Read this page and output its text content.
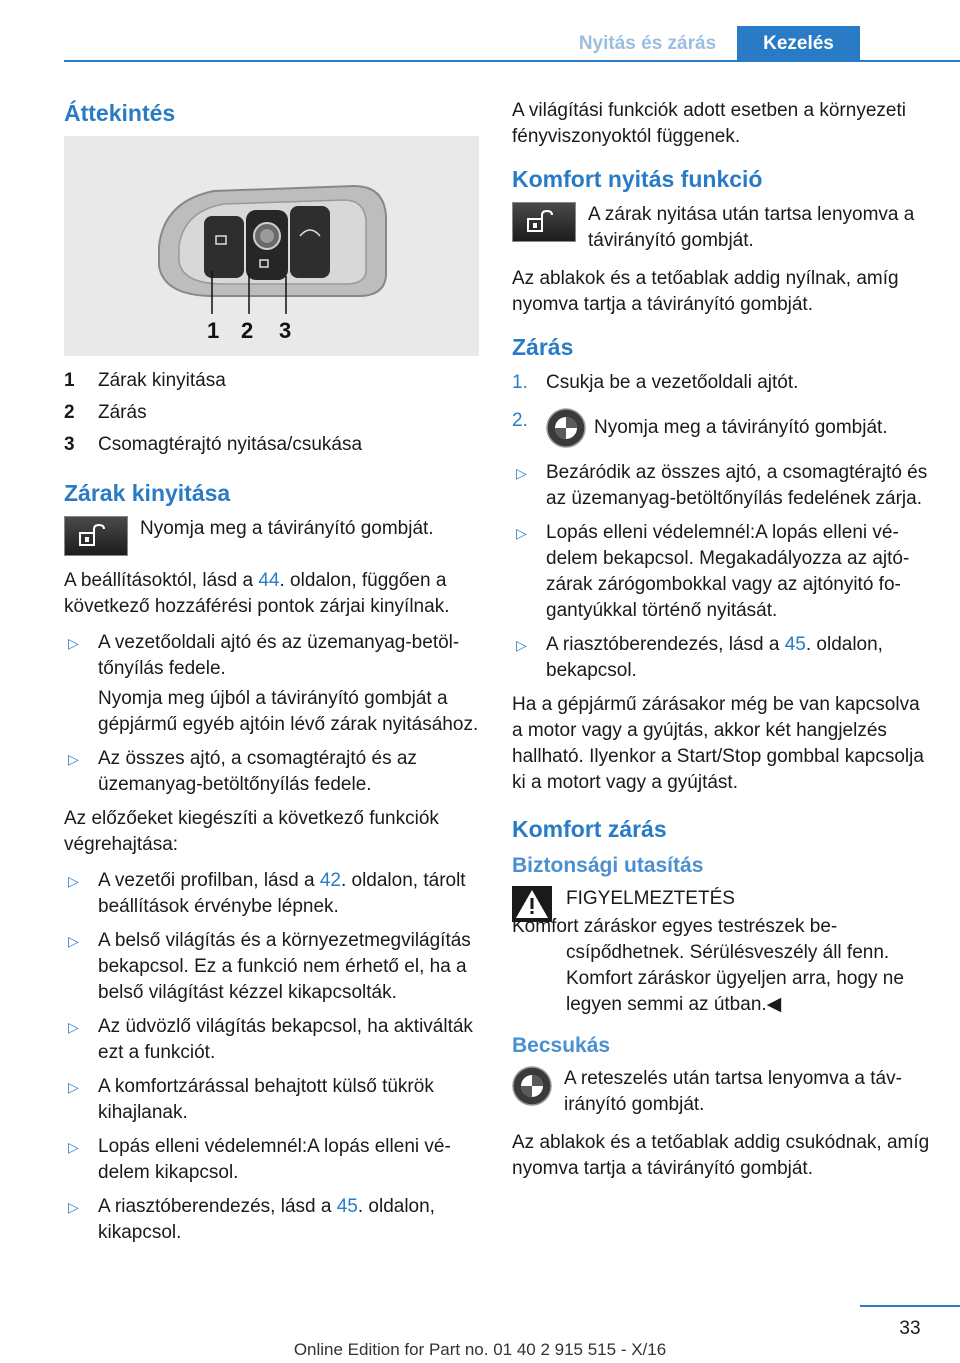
Nyitás és zárás	Kezelés
Áttekintés
1 2 3
1	Zárak kinyitása
2	Zárás
3	Csomagtérajtó nyitása/csukása
Zárak kinyitása
Nyomja meg a távirányító gombját.

A beállításoktól, lásd a 44. oldalon, függően a következő hozzáférési pontok zárjai kinyílnak.

▷ A vezetőoldali ajtó és az üzemanyag-betöltőnyílás fedele.
Nyomja meg újból a távirányító gombját a gépjármű egyéb ajtóin lévő zárak nyitásához.
▷ Az összes ajtó, a csomagtérajtó és az üzemanyag-betöltőnyílás fedele.

Az előzőeket kiegészíti a következő funkciók végrehajtása:

▷ A vezetői profilban, lásd a 42. oldalon, tárolt beállítások érvénybe lépnek.
▷ A belső világítás és a környezetmegvilágítás bekapcsol. Ez a funkció nem érhető el, ha a belső világítást kézzel kikapcsolták.
▷ Az üdvözlő világítás bekapcsol, ha aktiválták ezt a funkciót.
▷ A komfortzárással behajtott külső tükrök kihajlanak.
▷ Lopás elleni védelemnél:A lopás elleni védelem kikapcsol.
▷ A riasztóberendezés, lásd a 45. oldalon, kikapcsol.

A világítási funkciók adott esetben a környezeti fényviszonyoktól függenek.

Komfort nyitás funkció
A zárak nyitása után tartsa lenyomva a távirányító gombját.

Az ablakok és a tetőablak addig nyílnak, amíg nyomva tartja a távirányító gombját.

Zárás
1. Csukja be a vezetőoldali ajtót.
2.	Nyomja meg a távirányító gombját.
▷ Bezáródik az összes ajtó, a csomagtérajtó és az üzemanyag-betöltőnyílás fedelének zárja.
▷ Lopás elleni védelemnél:A lopás elleni védelem bekapcsol. Megakadályozza az ajtózárak zárógombokkal vagy az ajtónyitó fogantyúkkal történő nyitását.
▷ A riasztóberendezés, lásd a 45. oldalon, bekapcsol.

Ha a gépjármű zárásakor még be van kapcsolva a motor vagy a gyújtás, akkor két hangjelzés hallható. Ilyenkor a Start/Stop gombbal kapcsolja ki a motort vagy a gyújtást.

Komfort zárás
Biztonsági utasítás
FIGYELMEZTETÉS

Komfort záráskor egyes testrészek becsípődhetnek. Sérülésveszély áll fenn. Komfort záráskor ügyeljen arra, hogy ne legyen semmi az útban.◀

Becsukás
A reteszelés után tartsa lenyomva a távirányító gombját.

Az ablakok és a tetőablak addig csukódnak, amíg nyomva tartja a távirányító gombját.

33
Online Edition for Part no. 01 40 2 915 515 - X/16
